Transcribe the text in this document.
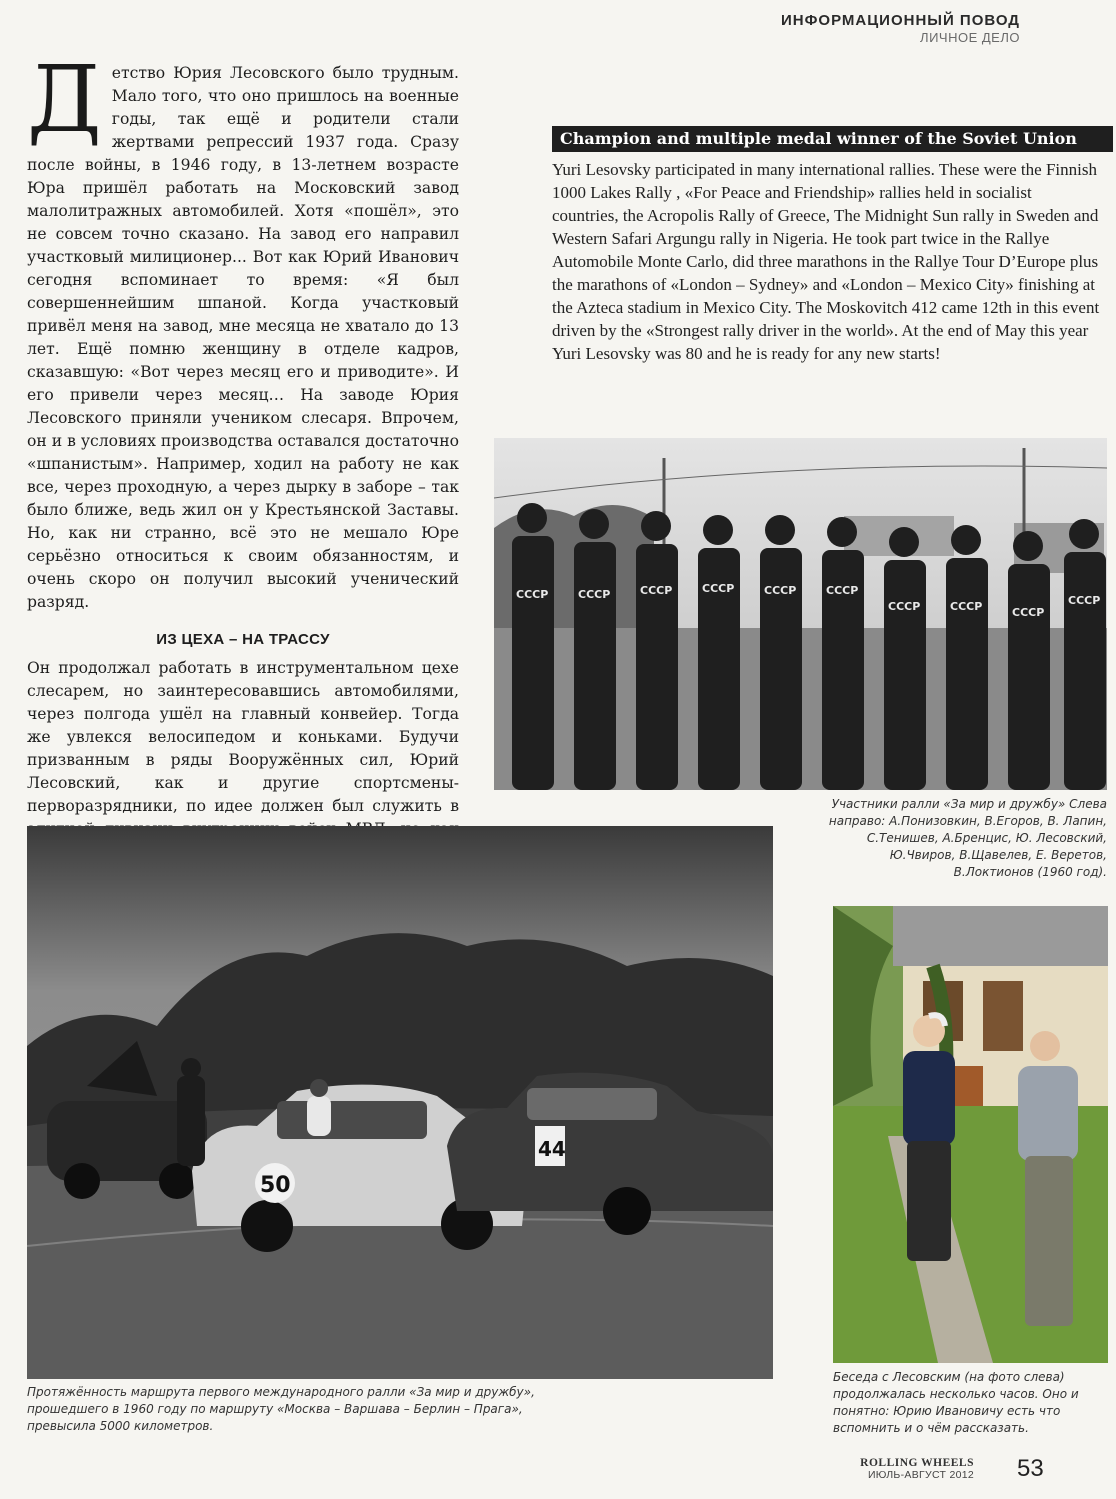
ИНФОРМАЦИОННЫЙ ПОВОД
ЛИЧНОЕ ДЕЛО

Детство Юрия Лесовского было трудным. Мало того, что оно пришлось на военные годы, так ещё и родители стали жертвами репрессий 1937 года. Сразу после войны, в 1946 году, в 13-летнем возрасте Юра пришёл работать на Московский завод малолитражных автомобилей. Хотя «пошёл», это не совсем точно сказано. На завод его направил участковый милиционер... Вот как Юрий Иванович сегодня вспоминает то время: «Я был совершеннейшим шпаной. Когда участковый привёл меня на завод, мне месяца не хватало до 13 лет. Ещё помню женщину в отделе кадров, сказавшую: «Вот через месяц его и приводите». И его привели через месяц… На заводе Юрия Лесовского приняли учеником слесаря. Впрочем, он и в условиях производства оставался достаточно «шпанистым». Например, ходил на работу не как все, через проходную, а через дырку в заборе – так было ближе, ведь жил он у Крестьянской Заставы. Но, как ни странно, всё это не мешало Юре серьёзно относиться к своим обязанностям, и очень скоро он получил высокий ученический разряд.

ИЗ ЦЕХА – НА ТРАССУ

Он продолжал работать в инструментальном цехе слесарем, но заинтересовавшись автомобилями, через полгода ушёл на главный конвейер. Тогда же увлекся велосипедом и коньками. Будучи призванным в ряды Вооружённых сил, Юрий Лесовский, как и другие спортсмены-перворазрядники, по идее должен был служить в

Champion and multiple medal winner of the Soviet Union
Yuri Lesovsky participated in many international rallies. These were the Finnish 1000 Lakes Rally , «For Peace and Friendship» rallies held in socialist countries, the Acropolis Rally of Greece, The Midnight Sun rally in Sweden and Western Safari Argungu rally in Nigeria. He took part twice in the Rallye Automobile Monte Carlo, did three marathons in the Rallye Tour D’Europe plus the marathons of «London – Sydney» and «London – Mexico City» finishing at the Azteca stadium in Mexico City. The Moskovitch 412 came 12th in this event driven by the «Strongest rally driver in the world». At the end of May this year Yuri Lesovsky was 80 and he is ready for any new starts!
СССР	СССР	СССР	СССР	СССР	СССР
СССР	СССР	СССР
СССР
Участники ралли «За мир и дружбу» Слева направо: А.Понизовкин, В.Егоров, В. Лапин, С.Тенишев, А.Бренцис, Ю. Лесовский, Ю.Чвиров, В.Щавелев, Е. Веретов, В.Локтионов (1960 год).
50
44
Протяжённость маршрута первого международного ралли «За мир и дружбу», прошедшего в 1960 году по маршруту «Москва – Варшава – Берлин – Прага», превысила 5000 километров.
Беседа с Лесовским (на фото слева) продолжалась несколько часов. Оно и понятно: Юрию Ивановичу есть что вспомнить и о чём рассказать.
ROLLING WHEELS
ИЮЛЬ-АВГУСТ 2012 53
